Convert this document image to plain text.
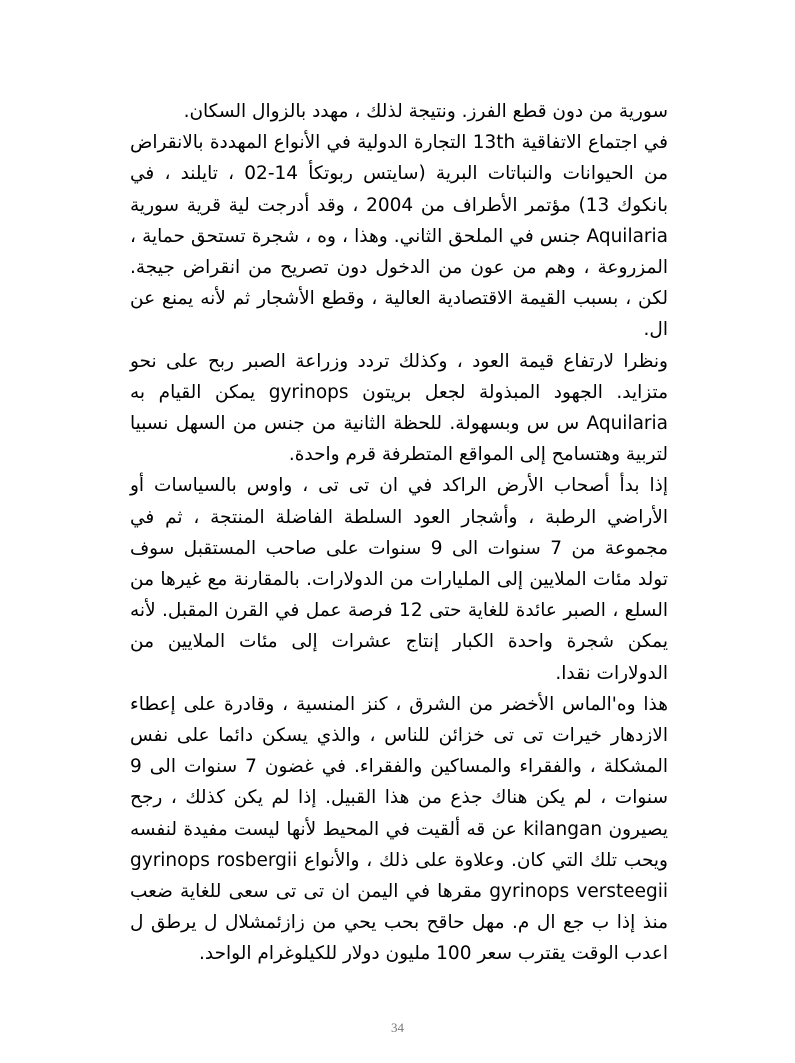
سورية من دون قطع الفرز. ونتيجة لذلك ، مهدد بالزوال السكان.

في اجتماع الاتفاقية 13th التجارة الدولية في الأنواع المهددة بالانقراض من الحيوانات والنباتات البرية (سايتس ربوتكأ 14-02 ، تايلند ، في بانكوك 13) مؤتمر الأطراف من 2004 ، وقد أدرجت لية قرية سورية Aquilaria جنس في الملحق الثاني. وهذا ، وه ، شجرة تستحق حماية ، المزروعة ، وهم من عون من الدخول دون تصريح من انقراض جيجة. لكن ، بسبب القيمة الاقتصادية العالية ، وقطع الأشجار ثم لأنه يمنع عن ال.

ونظرا لارتفاع قيمة العود ، وكذلك تردد وزراعة الصبر ربح على نحو متزايد. الجهود المبذولة لجعل بريتون gyrinops يمكن القيام به Aquilaria س س وبسهولة. للحظة الثانية من جنس من السهل نسبيا لتربية وهتسامح إلى المواقع المتطرفة قرم واحدة.

إذا بدأ أصحاب الأرض الراكد في ان تى تى ، واوس بالسياسات أو الأراضي الرطبة ، وأشجار العود السلطة الفاضلة المنتجة ، ثم في مجموعة من 7 سنوات الى 9 سنوات على صاحب المستقبل سوف تولد مئات الملايين إلى المليارات من الدولارات. بالمقارنة مع غيرها من السلع ، الصبر عائدة للغاية حتى 12 فرصة عمل في القرن المقبل. لأنه يمكن شجرة واحدة الكبار إنتاج عشرات إلى مئات الملايين من الدولارات نقدا.

هذا وه'الماس الأخضر من الشرق ، كنز المنسية ، وقادرة على إعطاء الازدهار خيرات تى تى خزائن للناس ، والذي يسكن دائما على نفس المشكلة ، والفقراء والمساكين والفقراء. في غضون 7 سنوات الى 9 سنوات ، لم يكن هناك جذع من هذا القبيل. إذا لم يكن كذلك ، رجح يصيرون kilangan عن قه ألقيت في المحيط لأنها ليست مفيدة لنفسه ويحب تلك التي كان. وعلاوة على ذلك ، والأنواع gyrinops rosbergii gyrinops versteegii مقرها في اليمن ان تى تى سعى للغاية ضعب منذ إذا ب جع ال م. مهل حاقح بحب يحي من زازئمشلال ل يرطق ل اعدب الوقت يقترب سعر 100 مليون دولار للكيلوغرام الواحد.

34
